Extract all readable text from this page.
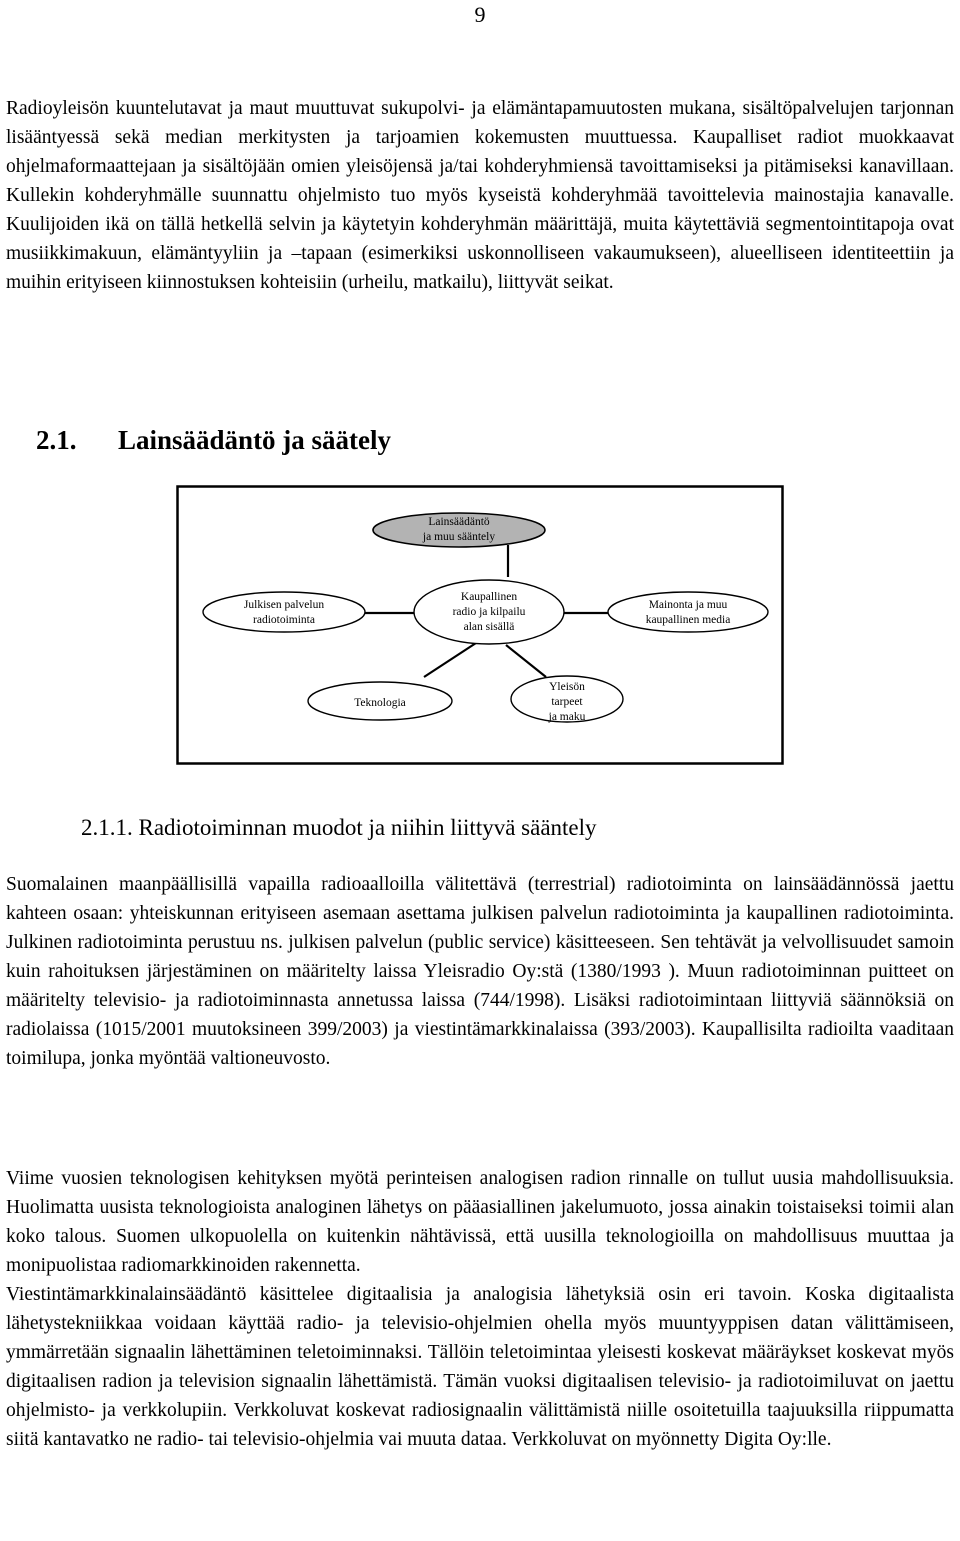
9

Radioyleisön kuuntelutavat ja maut muuttuvat sukupolvi- ja elämäntapamuutosten mukana, sisältöpalvelujen tarjonnan lisääntyessä sekä median merkitysten ja tarjoamien kokemusten muuttuessa. Kaupalliset radiot muokkaavat ohjelmaformaattejaan ja sisältöjään omien yleisöjensä ja/tai kohderyhmiensä tavoittamiseksi ja pitämiseksi kanavillaan. Kullekin kohderyhmälle suunnattu ohjelmisto tuo myös kyseistä kohderyhmää tavoittelevia mainostajia kanavalle. Kuulijoiden ikä on tällä hetkellä selvin ja käytetyin kohderyhmän määrittäjä, muita käytettäviä segmentointitapoja ovat musiikkimakuun, elämäntyyliin ja –tapaan (esimerkiksi uskonnolliseen vakaumukseen), alueelliseen identiteettiin ja muihin erityiseen kiinnostuksen kohteisiin (urheilu, matkailu), liittyvät seikat.

2.1. Lainsäädäntö ja säätely
Lainsäädäntö
ja muu sääntely
Julkisen palvelun
radiotoiminta
Kaupallinen
radio ja kilpailu
alan sisällä
Mainonta ja muu
kaupallinen media
Teknologia
Yleisön
tarpeet
ja maku
2.1.1. Radiotoiminnan muodot ja niihin liittyvä sääntely

Suomalainen maanpäällisillä vapailla radioaalloilla välitettävä (terrestrial) radiotoiminta on lainsäädännössä jaettu kahteen osaan: yhteiskunnan erityiseen asemaan asettama julkisen palvelun radiotoiminta ja kaupallinen radiotoiminta. Julkinen radiotoiminta perustuu ns. julkisen palvelun (public service) käsitteeseen. Sen tehtävät ja velvollisuudet samoin kuin rahoituksen järjestäminen on määritelty laissa Yleisradio Oy:stä (1380/1993 ). Muun radiotoiminnan puitteet on määritelty televisio- ja radiotoiminnasta annetussa laissa (744/1998). Lisäksi radiotoimintaan liittyviä säännöksiä on radiolaissa (1015/2001 muutoksineen 399/2003) ja viestintämarkkinalaissa (393/2003). Kaupallisilta radioilta vaaditaan toimilupa, jonka myöntää valtioneuvosto.

Viime vuosien teknologisen kehityksen myötä perinteisen analogisen radion rinnalle on tullut uusia mahdollisuuksia. Huolimatta uusista teknologioista analoginen lähetys on pääasiallinen jakelumuoto, jossa ainakin toistaiseksi toimii alan koko talous. Suomen ulkopuolella on kuitenkin nähtävissä, että uusilla teknologioilla on mahdollisuus muuttaa ja monipuolistaa radiomarkkinoiden rakennetta.
Viestintämarkkinalainsäädäntö käsittelee digitaalisia ja analogisia lähetyksiä osin eri tavoin. Koska digitaalista lähetystekniikkaa voidaan käyttää radio- ja televisio-ohjelmien ohella myös muuntyyppisen datan välittämiseen, ymmärretään signaalin lähettäminen teletoiminnaksi. Tällöin teletoimintaa yleisesti koskevat määräykset koskevat myös digitaalisen radion ja television signaalin lähettämistä. Tämän vuoksi digitaalisen televisio- ja radiotoimiluvat on jaettu ohjelmisto- ja verkkolupiin. Verkkoluvat koskevat radiosignaalin välittämistä niille osoitetuilla taajuuksilla riippumatta siitä kantavatko ne radio- tai televisio-ohjelmia vai muuta dataa. Verkkoluvat on myönnetty Digita Oy:lle.
